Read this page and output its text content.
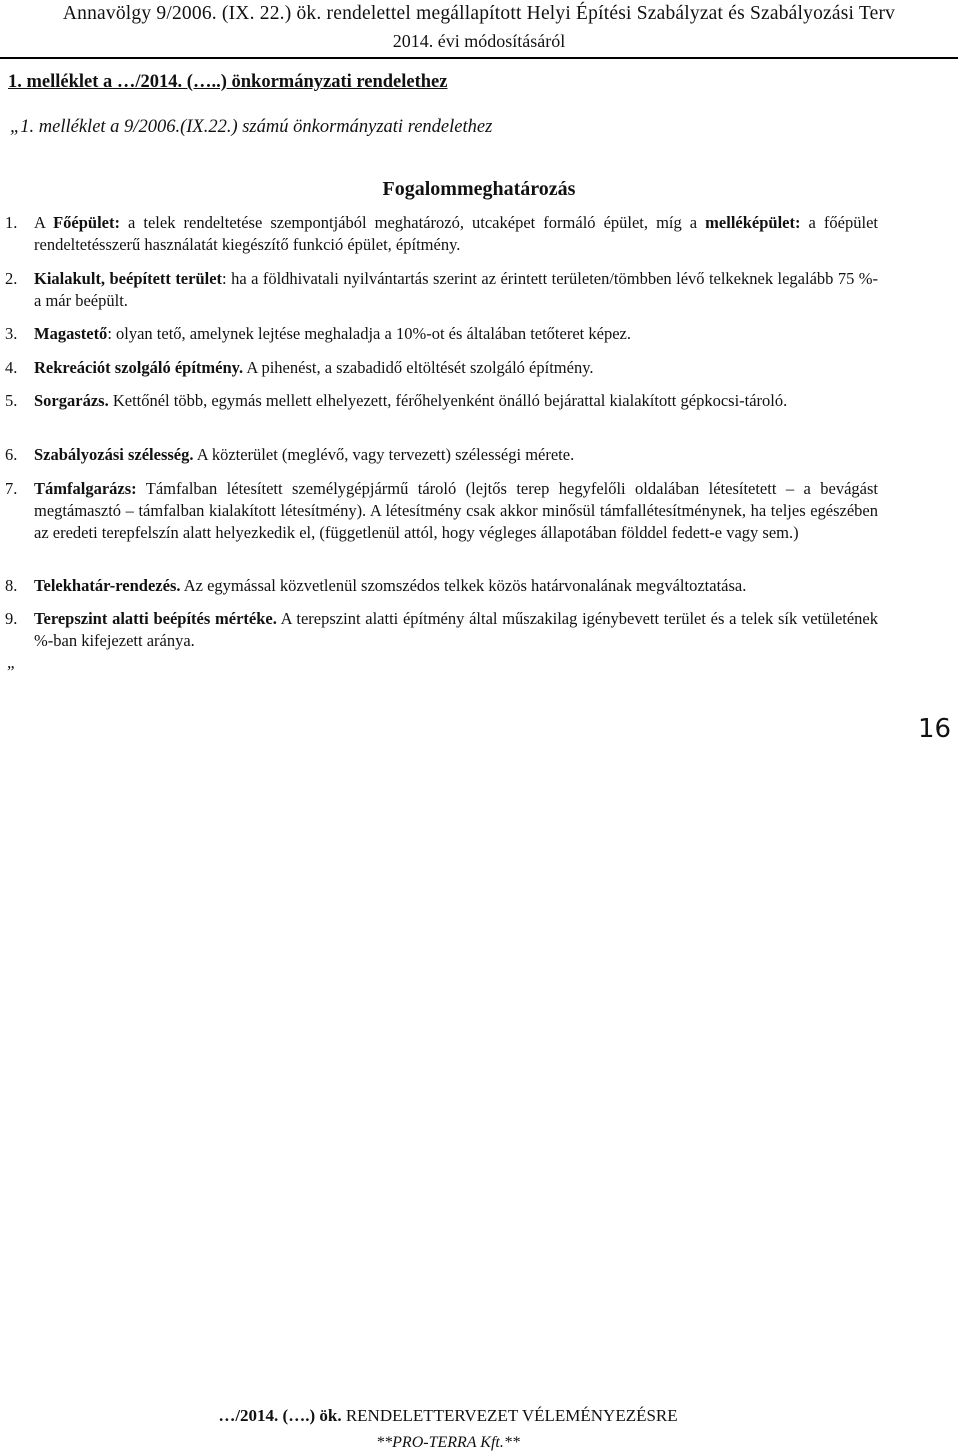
Annavölgy 9/2006. (IX. 22.) ök. rendelettel megállapított Helyi Építési Szabályzat és Szabályozási Terv
2014. évi módosításáról
1. melléklet a …/2014. (…..) önkormányzati rendelethez
„1. melléklet a 9/2006.(IX.22.) számú önkormányzati rendelethez
Fogalommeghatározás
1.	A Főépület: a telek rendeltetése szempontjából meghatározó, utcaképet formáló épület, míg a melléképület: a főépület rendeltetésszerű használatát kiegészítő funkció épület, építmény.
2.	Kialakult, beépített terület: ha a földhivatali nyilvántartás szerint az érintett területen/tömbben lévő telkeknek legalább 75 %-a már beépült.
3.	Magastető: olyan tető, amelynek lejtése meghaladja a 10%-ot és általában tetőteret képez.
4.	Rekreációt szolgáló építmény. A pihenést, a szabadidő eltöltését szolgáló építmény.
5.	Sorgarázs. Kettőnél több, egymás mellett elhelyezett, férőhelyenként önálló bejárattal kialakított gépkocsi-tároló.
6.	Szabályozási szélesség. A közterület (meglévő, vagy tervezett) szélességi mérete.
7.	Támfalgarázs: Támfalban létesített személygépjármű tároló (lejtős terep hegyfelőli oldalában létesítetett – a bevágást megtámasztó – támfalban kialakított létesítmény). A létesítmény csak akkor minősül támfallétesítménynek, ha teljes egészében az eredeti terepfelszín alatt helyezkedik el, (függetlenül attól, hogy végleges állapotában földdel fedett-e vagy sem.)
8.	Telekhatár-rendezés. Az egymással közvetlenül szomszédos telkek közös határvonalának megváltoztatása.
9.	Terepszint alatti beépítés mértéke. A terepszint alatti építmény által műszakilag igénybevett terület és a telek sík vetületének %-ban kifejezett aránya.
”
16
…/2014. (….) ök. RENDELETTERVEZET VÉLEMÉNYEZÉSRE
**PRO-TERRA Kft.**
